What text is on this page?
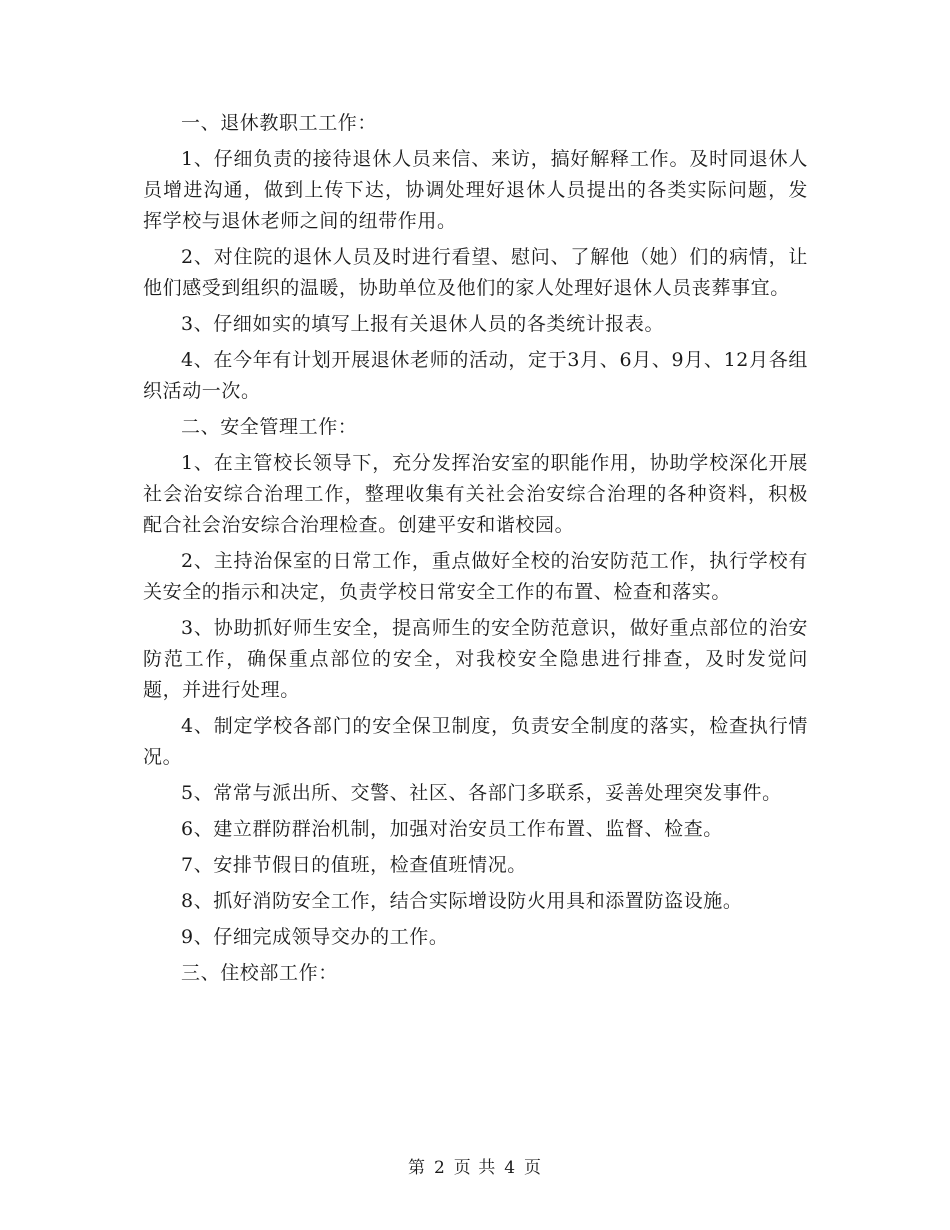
一、退休教职工工作：

1、仔细负责的接待退休人员来信、来访，搞好解释工作。及时同退休人员增进沟通，做到上传下达，协调处理好退休人员提出的各类实际问题，发挥学校与退休老师之间的纽带作用。

2、对住院的退休人员及时进行看望、慰问、了解他（她）们的病情，让他们感受到组织的温暖，协助单位及他们的家人处理好退休人员丧葬事宜。

3、仔细如实的填写上报有关退休人员的各类统计报表。

4、在今年有计划开展退休老师的活动，定于3月、6月、9月、12月各组织活动一次。

二、安全管理工作：

1、在主管校长领导下，充分发挥治安室的职能作用，协助学校深化开展社会治安综合治理工作，整理收集有关社会治安综合治理的各种资料，积极配合社会治安综合治理检查。创建平安和谐校园。

2、主持治保室的日常工作，重点做好全校的治安防范工作，执行学校有关安全的指示和决定，负责学校日常安全工作的布置、检查和落实。

3、协助抓好师生安全，提高师生的安全防范意识，做好重点部位的治安防范工作，确保重点部位的安全，对我校安全隐患进行排查，及时发觉问题，并进行处理。

4、制定学校各部门的安全保卫制度，负责安全制度的落实，检查执行情况。

5、常常与派出所、交警、社区、各部门多联系，妥善处理突发事件。

6、建立群防群治机制，加强对治安员工作布置、监督、检查。

7、安排节假日的值班，检查值班情况。

8、抓好消防安全工作，结合实际增设防火用具和添置防盗设施。

9、仔细完成领导交办的工作。

三、住校部工作：

第 2 页 共 4 页
